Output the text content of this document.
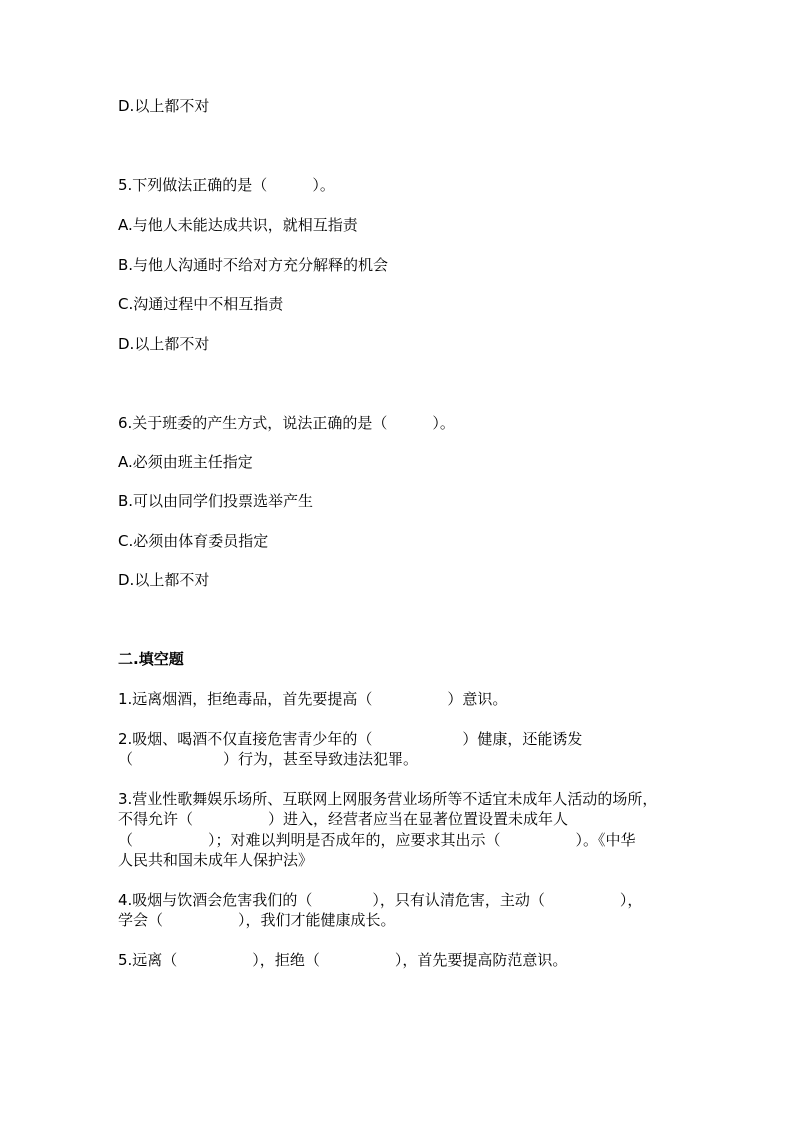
D.以上都不对
5.下列做法正确的是（　　　）。
A.与他人未能达成共识，就相互指责
B.与他人沟通时不给对方充分解释的机会
C.沟通过程中不相互指责
D.以上都不对
6.关于班委的产生方式，说法正确的是（　　　）。
A.必须由班主任指定
B.可以由同学们投票选举产生
C.必须由体育委员指定
D.以上都不对
二.填空题
1.远离烟酒，拒绝毒品，首先要提高（　　　　　）意识。
2.吸烟、喝酒不仅直接危害青少年的（　　　　　　）健康，还能诱发
（　　　　　　）行为，甚至导致违法犯罪。
3.营业性歌舞娱乐场所、互联网上网服务营业场所等不适宜未成年人活动的场所，
不得允许（　　　　　）进入，经营者应当在显著位置设置未成年人
（　　　　　）；对难以判明是否成年的，应要求其出示（　　　　　）。《中华
人民共和国未成年人保护法》
4.吸烟与饮酒会危害我们的（　　　　），只有认清危害，主动（　　　　　），
学会（　　　　　），我们才能健康成长。
5.远离（　　　　　），拒绝（　　　　　），首先要提高防范意识。
